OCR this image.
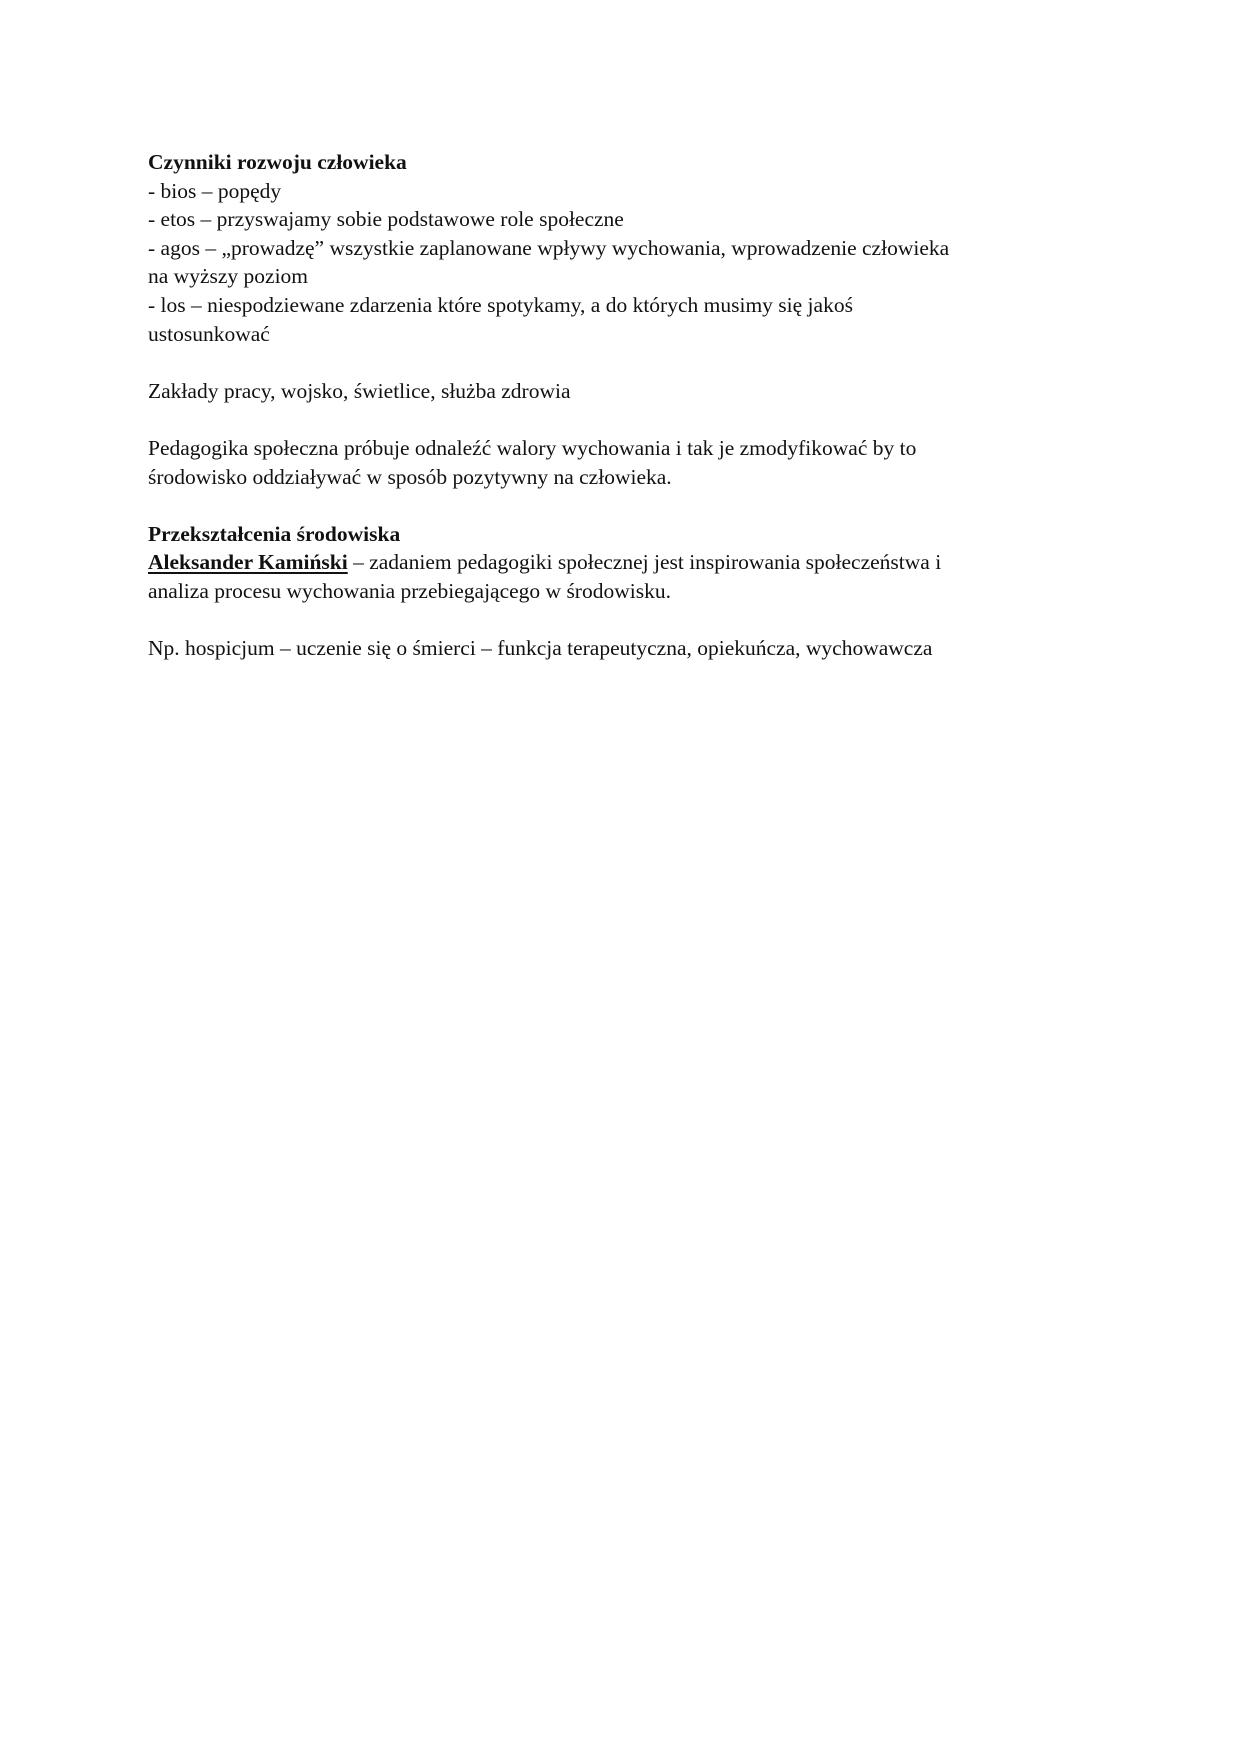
Czynniki rozwoju człowieka
- bios – popędy
- etos – przyswajamy sobie podstawowe role społeczne
- agos – „prowadzę” wszystkie zaplanowane wpływy wychowania, wprowadzenie człowieka
na wyższy poziom
- los – niespodziewane zdarzenia które spotykamy, a do których musimy się jakoś
ustosunkować
Zakłady pracy, wojsko, świetlice, służba zdrowia
Pedagogika społeczna próbuje odnaleźć walory wychowania i tak je zmodyfikować by to
środowisko oddziaływać w sposób pozytywny na człowieka.
Przekształcenia środowiska
Aleksander Kamiński – zadaniem pedagogiki społecznej jest inspirowania społeczeństwa i
analiza procesu wychowania przebiegającego w środowisku.
Np. hospicjum – uczenie się o śmierci – funkcja terapeutyczna, opiekuńcza, wychowawcza
